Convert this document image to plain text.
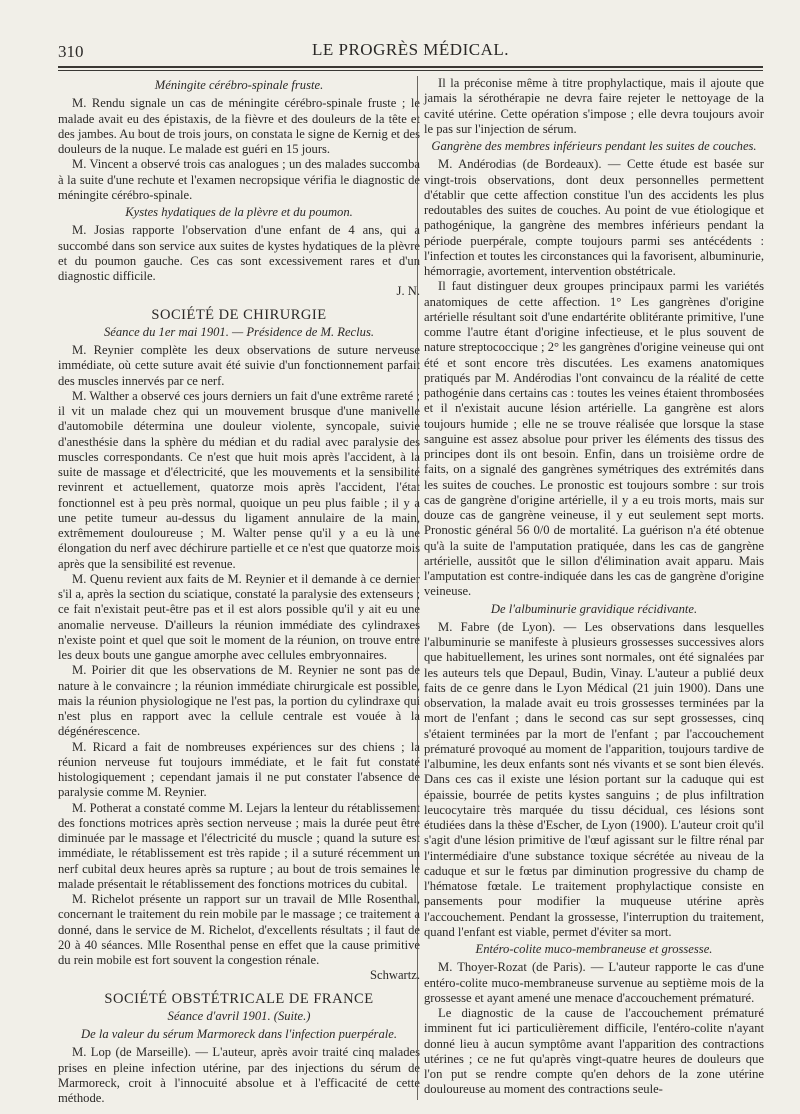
310	LE PROGRÈS MÉDICAL.
Méningite cérébro-spinale fruste.

M. Rendu signale un cas de méningite cérébro-spinale fruste ; le malade avait eu des épistaxis, de la fièvre et des douleurs de la tête et des jambes. Au bout de trois jours, on constata le signe de Kernig et des douleurs de la nuque. Le malade est guéri en 15 jours.

M. Vincent a observé trois cas analogues ; un des malades succomba à la suite d'une rechute et l'examen necropsique vérifia le diagnostic de méningite cérébro-spinale.

Kystes hydatiques de la plèvre et du poumon.

M. Josias rapporte l'observation d'une enfant de 4 ans, qui a succombé dans son service aux suites de kystes hydatiques de la plèvre et du poumon gauche. Ces cas sont excessivement rares et d'un diagnostic difficile.
J. N.

SOCIÉTÉ DE CHIRURGIE
Séance du 1er mai 1901. — Présidence de M. Reclus.

M. Reynier complète les deux observations de suture nerveuse immédiate, où cette suture avait été suivie d'un fonctionnement parfait des muscles innervés par ce nerf.

M. Walther a observé ces jours derniers un fait d'une extrême rareté ; il vit un malade chez qui un mouvement brusque d'une manivelle d'automobile détermina une douleur violente, syncopale, suivie d'anesthésie dans la sphère du médian et du radial avec paralysie des muscles correspondants. Ce n'est que huit mois après l'accident, à la suite de massage et d'électricité, que les mouvements et la sensibilité revinrent et actuellement, quatorze mois après l'accident, l'état fonctionnel est à peu près normal, quoique un peu plus faible ; il y a une petite tumeur au-dessus du ligament annulaire de la main, extrêmement douloureuse ; M. Walter pense qu'il y a eu là une élongation du nerf avec déchirure partielle et ce n'est que quatorze mois après que la sensibilité est revenue.

M. Quenu revient aux faits de M. Reynier et il demande à ce dernier s'il a, après la section du sciatique, constaté la paralysie des extenseurs ; ce fait n'existait peut-être pas et il est alors possible qu'il y ait eu une anomalie nerveuse. D'ailleurs la réunion immédiate des cylindraxes n'existe point et quel que soit le moment de la réunion, on trouve entre les deux bouts une gangue amorphe avec cellules embryonnaires.

M. Poirier dit que les observations de M. Reynier ne sont pas de nature à le convaincre ; la réunion immédiate chirurgicale est possible, mais la réunion physiologique ne l'est pas, la portion du cylindraxe qui n'est plus en rapport avec la cellule centrale est vouée à la dégénérescence.

M. Ricard a fait de nombreuses expériences sur des chiens ; la réunion nerveuse fut toujours immédiate, et le fait fut constaté histologiquement ; cependant jamais il ne put constater l'absence de paralysie comme M. Reynier.

M. Potherat a constaté comme M. Lejars la lenteur du rétablissement des fonctions motrices après section nerveuse ; mais la durée peut être diminuée par le massage et l'électricité du muscle ; quand la suture est immédiate, le rétablissement est très rapide ; il a suturé récemment un nerf cubital deux heures après sa rupture ; au bout de trois semaines le malade présentait le rétablissement des fonctions motrices du cubital.

M. Richelot présente un rapport sur un travail de Mlle Rosenthal, concernant le traitement du rein mobile par le massage ; ce traitement a donné, dans le service de M. Richelot, d'excellents résultats ; il faut de 20 à 40 séances. Mlle Rosenthal pense en effet que la cause primitive du rein mobile est fort souvent la congestion rénale.
Schwartz.

SOCIÉTÉ OBSTÉTRICALE DE FRANCE
Séance d'avril 1901. (Suite.)
De la valeur du sérum Marmoreck dans l'infection puerpérale.

M. Lop (de Marseille). — L'auteur, après avoir traité cinq malades prises en pleine infection utérine, par des injections du sérum de Marmoreck, croit à l'innocuité absolue et à l'efficacité de cette méthode.

Il la préconise même à titre prophylactique, mais il ajoute que jamais la sérothérapie ne devra faire rejeter le nettoyage de la cavité utérine. Cette opération s'impose ; elle devra toujours avoir le pas sur l'injection de sérum.

Gangrène des membres inférieurs pendant les suites de couches.

M. Andérodias (de Bordeaux). — Cette étude est basée sur vingt-trois observations, dont deux personnelles permettent d'établir que cette affection constitue l'un des accidents les plus redoutables des suites de couches. Au point de vue étiologique et pathogénique, la gangrène des membres inférieurs pendant la période puerpérale, compte toujours parmi ses antécédents : l'infection et toutes les circonstances qui la favorisent, albuminurie, hémorragie, avortement, intervention obstétricale.

Il faut distinguer deux groupes principaux parmi les variétés anatomiques de cette affection. 1° Les gangrènes d'origine artérielle résultant soit d'une endartérite oblitérante primitive, l'une comme l'autre étant d'origine infectieuse, et le plus souvent de nature streptococcique ; 2° les gangrènes d'origine veineuse qui ont été et sont encore très discutées. Les examens anatomiques pratiqués par M. Andérodias l'ont convaincu de la réalité de cette pathogénie dans certains cas : toutes les veines étaient thrombosées et il n'existait aucune lésion artérielle. La gangrène est alors toujours humide ; elle ne se trouve réalisée que lorsque la stase sanguine est assez absolue pour priver les éléments des tissus des principes dont ils ont besoin. Enfin, dans un troisième ordre de faits, on a signalé des gangrènes symétriques des extrémités dans les suites de couches. Le pronostic est toujours sombre : sur trois cas de gangrène d'origine artérielle, il y a eu trois morts, mais sur douze cas de gangrène veineuse, il y eut seulement sept morts. Pronostic général 56 0/0 de mortalité. La guérison n'a été obtenue qu'à la suite de l'amputation pratiquée, dans les cas de gangrène artérielle, aussitôt que le sillon d'élimination avait apparu. Mais l'amputation est contre-indiquée dans les cas de gangrène d'origine veineuse.

De l'albuminurie gravidique récidivante.

M. Fabre (de Lyon). — Les observations dans lesquelles l'albuminurie se manifeste à plusieurs grossesses successives alors que habituellement, les urines sont normales, ont été signalées par les auteurs tels que Depaul, Budin, Vinay. L'auteur a publié deux faits de ce genre dans le Lyon Médical (21 juin 1900). Dans une observation, la malade avait eu trois grossesses terminées par la mort de l'enfant ; dans le second cas sur sept grossesses, cinq s'étaient terminées par la mort de l'enfant ; par l'accouchement prématuré provoqué au moment de l'apparition, toujours tardive de l'albumine, les deux enfants sont nés vivants et se sont bien élevés. Dans ces cas il existe une lésion portant sur la caduque qui est épaissie, bourrée de petits kystes sanguins ; de plus infiltration leucocytaire très marquée du tissu décidual, ces lésions sont étudiées dans la thèse d'Escher, de Lyon (1900). L'auteur croit qu'il s'agit d'une lésion primitive de l'œuf agissant sur le filtre rénal par l'intermédiaire d'une substance toxique sécrétée au niveau de la caduque et sur le fœtus par diminution progressive du champ de l'hématose fœtale. Le traitement prophylactique consiste en pansements pour modifier la muqueuse utérine après l'accouchement. Pendant la grossesse, l'interruption du traitement, quand l'enfant est viable, permet d'éviter sa mort.

Entéro-colite muco-membraneuse et grossesse.

M. Thoyer-Rozat (de Paris). — L'auteur rapporte le cas d'une entéro-colite muco-membraneuse survenue au septième mois de la grossesse et ayant amené une menace d'accouchement prématuré.

Le diagnostic de la cause de l'accouchement prématuré imminent fut ici particulièrement difficile, l'entéro-colite n'ayant donné lieu à aucun symptôme avant l'apparition des contractions utérines ; ce ne fut qu'après vingt-quatre heures de douleurs que l'on put se rendre compte qu'en dehors de la zone utérine douloureuse au moment des contractions seule-
